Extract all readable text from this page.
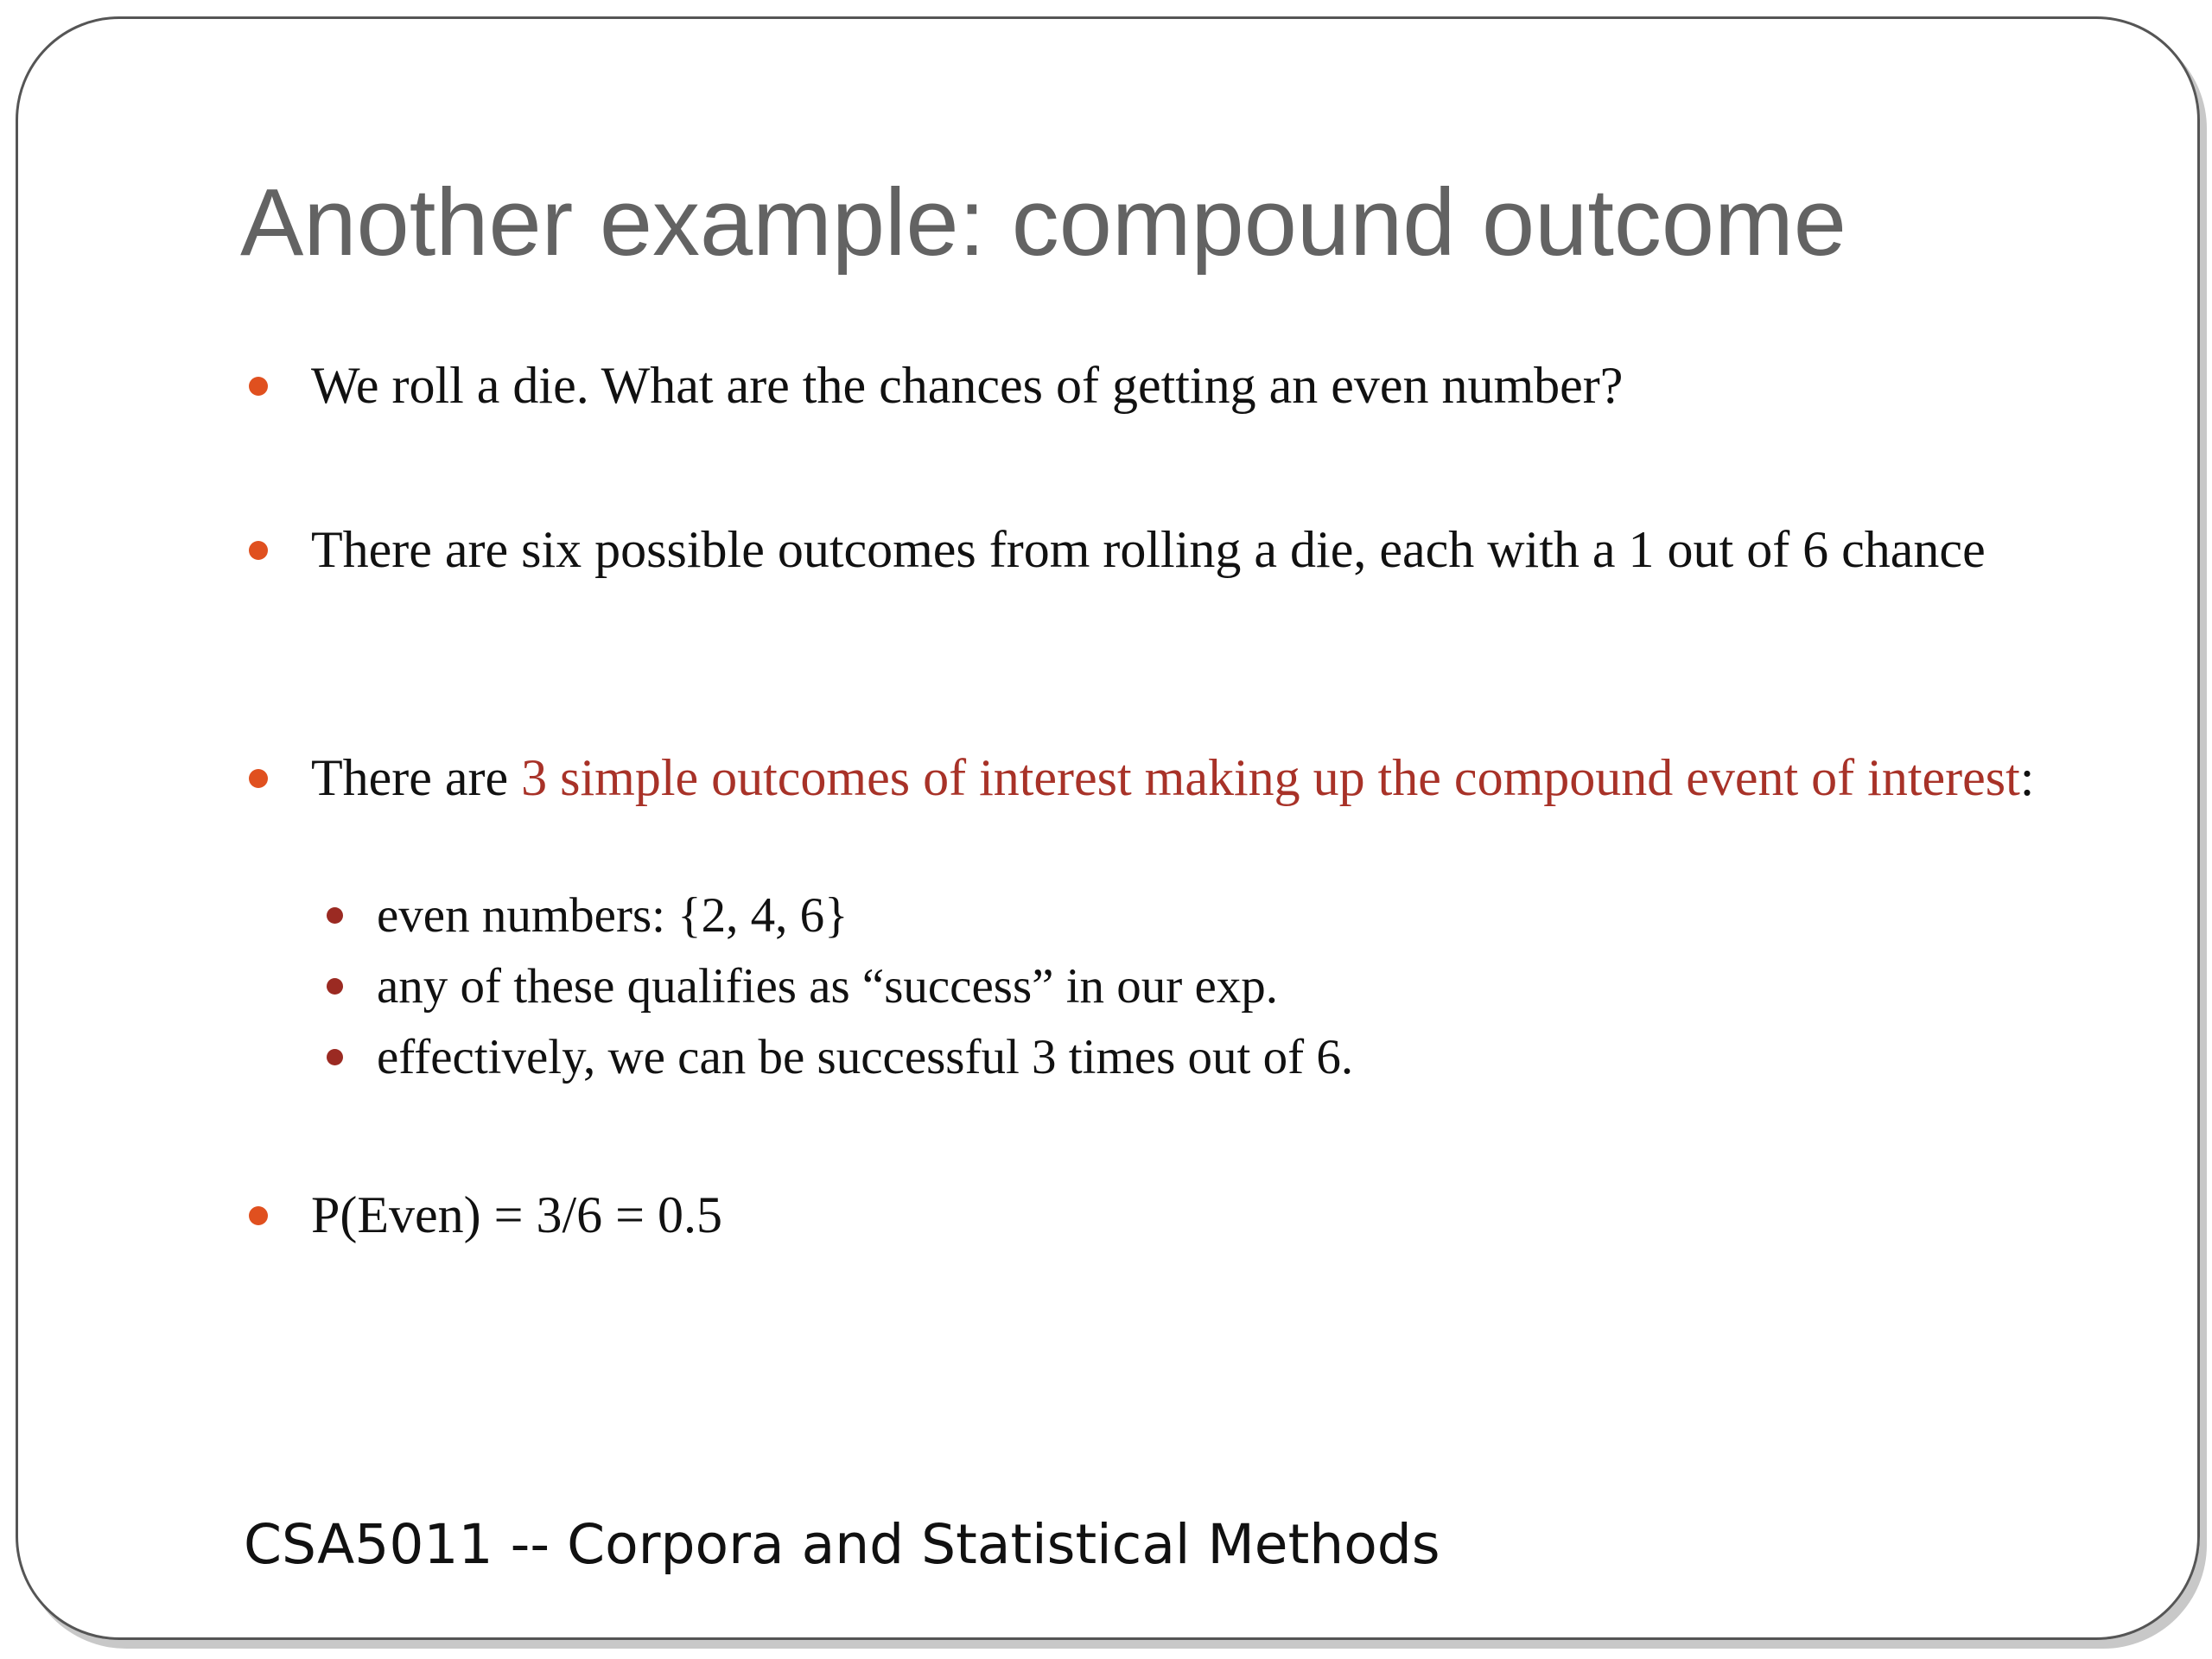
Another example: compound outcome
We roll a die. What are the chances of getting an even number?
There are six possible outcomes from rolling a die, each with a 1 out of 6 chance
There are 3 simple outcomes of interest making up the compound event of interest:
even numbers: {2, 4, 6}
any of these qualifies as “success” in our exp.
effectively, we can be successful 3 times out of 6.
P(Even) = 3/6 = 0.5
CSA5011 -- Corpora and Statistical Methods
